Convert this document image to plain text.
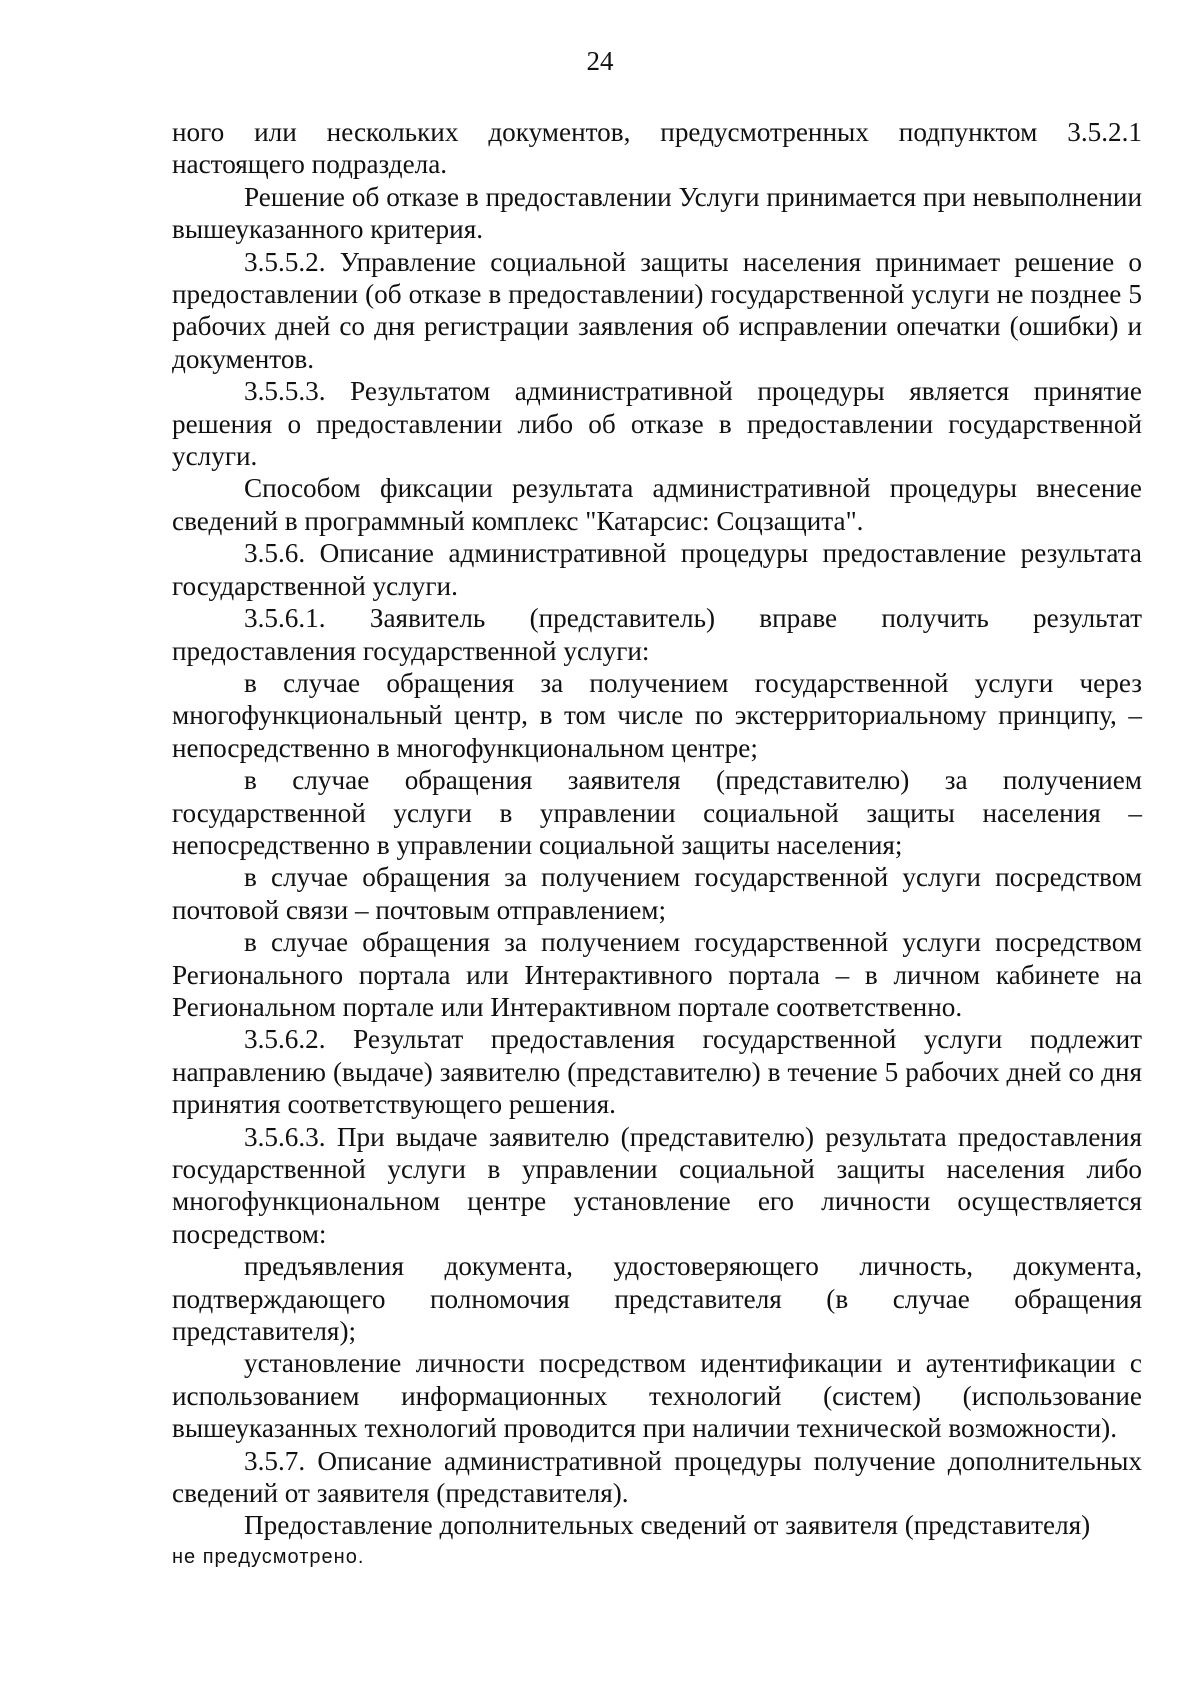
24

ного или нескольких документов, предусмотренных подпунктом 3.5.2.1 настоящего подраздела.

Решение об отказе в предоставлении Услуги принимается при невыполнении вышеуказанного критерия.

3.5.5.2. Управление социальной защиты населения принимает решение о предоставлении (об отказе в предоставлении) государственной услуги не позднее 5 рабочих дней со дня регистрации заявления об исправлении опечатки (ошибки) и документов.

3.5.5.3. Результатом административной процедуры является принятие решения о предоставлении либо об отказе в предоставлении государственной услуги.

Способом фиксации результата административной процедуры внесение сведений в программный комплекс "Катарсис: Соцзащита".

3.5.6. Описание административной процедуры предоставление результата государственной услуги.

3.5.6.1. Заявитель (представитель) вправе получить результат предоставления государственной услуги:

в случае обращения за получением государственной услуги через многофункциональный центр, в том числе по экстерриториальному принципу, – непосредственно в многофункциональном центре;

в случае обращения заявителя (представителю) за получением государственной услуги в управлении социальной защиты населения – непосредственно в управлении социальной защиты населения;

в случае обращения за получением государственной услуги посредством почтовой связи – почтовым отправлением;

в случае обращения за получением государственной услуги посредством Регионального портала или Интерактивного портала – в личном кабинете на Региональном портале или Интерактивном портале соответственно.

3.5.6.2. Результат предоставления государственной услуги подлежит направлению (выдаче) заявителю (представителю) в течение 5 рабочих дней со дня принятия соответствующего решения.

3.5.6.3. При выдаче заявителю (представителю) результата предоставления государственной услуги в управлении социальной защиты населения либо многофункциональном центре установление его личности осуществляется посредством:

предъявления документа, удостоверяющего личность, документа, подтверждающего полномочия представителя (в случае обращения представителя);

установление личности посредством идентификации и аутентификации с использованием информационных технологий (систем) (использование вышеуказанных технологий проводится при наличии технической возможности).

3.5.7. Описание административной процедуры получение дополнительных сведений от заявителя (представителя).

Предоставление дополнительных сведений от заявителя (представителя)

не предусмотрено.
